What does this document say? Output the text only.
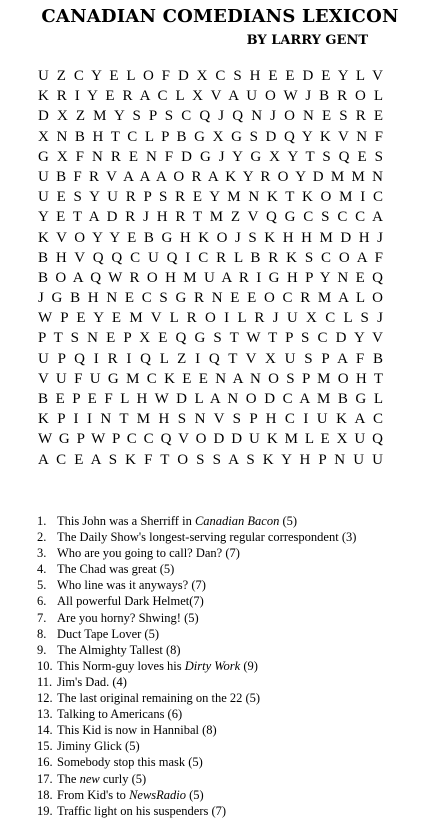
CANADIAN COMEDIANS LEXICON
BY LARRY GENT
U Z C Y E L O F D X C S H E E D E Y L V
K R I Y E R A C L X V A U O W J B R O L
D X Z M Y S P S C Q J Q N J O N E S R E
X N B H T C L P B G X G S D Q Y K V N F
G X F N R E N F D G J Y G X Y T S Q E S
U B F R V A A A O R A K Y R O Y D M M N
U E S Y U R P S R E Y M N K T K O M I C
Y E T A D R J H R T M Z V Q G C S C C A
K V O Y Y E B G H K O J S K H H M D H J
B H V Q Q C U Q I C R L B R K S C O A F
B O A Q W R O H M U A R I G H P Y N E Q
J G B H N E C S G R N E E O C R M A L O
W P E Y E M V L R O I L R J U X C L S J
P T S N E P X E Q G S T W T P S C D Y V
U P Q I R I Q L Z I Q T V X U S P A F B
V U F U G M C K E E N A N O S P M O H T
B E P E F L H W D L A N O D C A M B G L
K P I I N T M H S N V S P H C I U K A C
W G P W P C C Q V O D D U K M L E X U Q
A C E A S K F T O S S A S K Y H P N U U
1. This John was a Sherriff in Canadian Bacon (5)
2. The Daily Show's longest-serving regular correspondent (3)
3. Who are you going to call? Dan? (7)
4. The Chad was great (5)
5. Who line was it anyways? (7)
6. All powerful Dark Helmet(7)
7. Are you horny? Shwing! (5)
8. Duct Tape Lover (5)
9. The Almighty Tallest (8)
10. This Norm-guy loves his Dirty Work (9)
11. Jim's Dad. (4)
12. The last original remaining on the 22 (5)
13. Talking to Americans (6)
14. This Kid is now in Hannibal (8)
15. Jiminy Glick (5)
16. Somebody stop this mask (5)
17. The new curly (5)
18. From Kid's to NewsRadio (5)
19. Traffic light on his suspenders (7)
